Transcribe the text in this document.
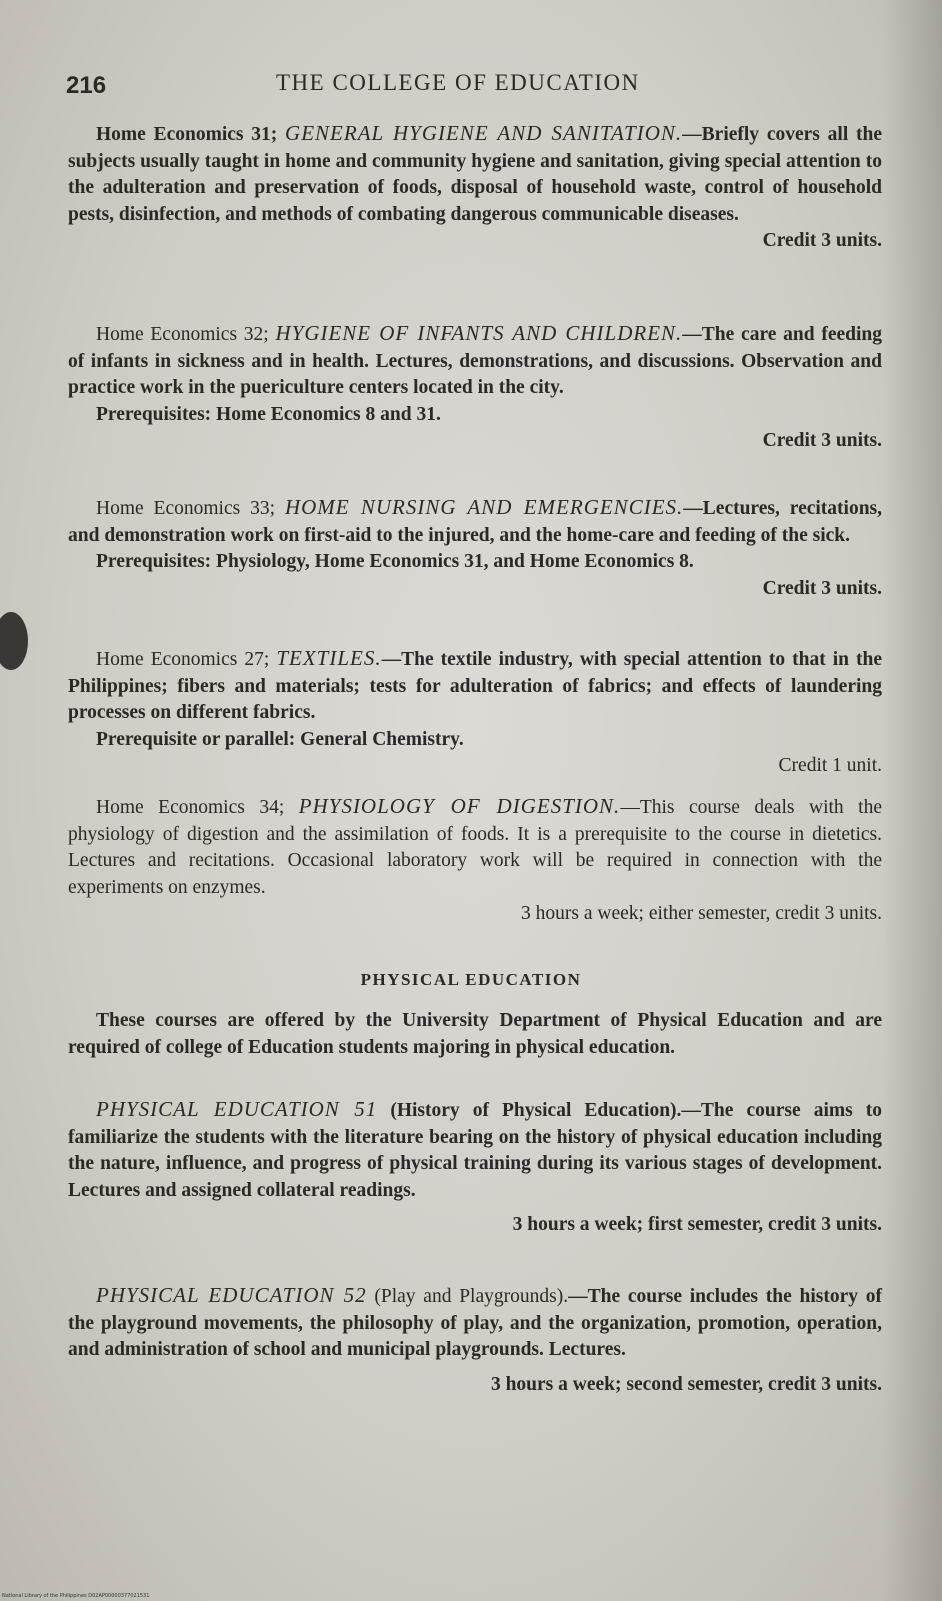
216	THE COLLEGE OF EDUCATION
Home Economics 31; GENERAL HYGIENE AND SANITATION.—Briefly covers all the subjects usually taught in home and community hygiene and sanitation, giving special attention to the adulteration and preservation of foods, disposal of household waste, control of household pests, disinfection, and methods of combating dangerous communicable diseases.
Credit 3 units.
Home Economics 32; HYGIENE OF INFANTS AND CHILDREN.—The care and feeding of infants in sickness and in health. Lectures, demonstrations, and discussions. Observation and practice work in the puericulture centers located in the city.
Prerequisites: Home Economics 8 and 31.
Credit 3 units.
Home Economics 33; HOME NURSING AND EMERGENCIES.—Lectures, recitations, and demonstration work on first-aid to the injured, and the home-care and feeding of the sick.
Prerequisites: Physiology, Home Economics 31, and Home Economics 8.
Credit 3 units.
Home Economics 27; TEXTILES.—The textile industry, with special attention to that in the Philippines; fibers and materials; tests for adulteration of fabrics; and effects of laundering processes on different fabrics.
Prerequisite or parallel: General Chemistry.
Credit 1 unit.
Home Economics 34; PHYSIOLOGY OF DIGESTION.—This course deals with the physiology of digestion and the assimilation of foods. It is a prerequisite to the course in dietetics. Lectures and recitations. Occasional laboratory work will be required in connection with the experiments on enzymes.
3 hours a week; either semester, credit 3 units.
PHYSICAL EDUCATION
These courses are offered by the University Department of Physical Education and are required of college of Education students majoring in physical education.
PHYSICAL EDUCATION 51 (History of Physical Education).—The course aims to familiarize the students with the literature bearing on the history of physical education including the nature, influence, and progress of physical training during its various stages of development. Lectures and assigned collateral readings.
3 hours a week; first semester, credit 3 units.
PHYSICAL EDUCATION 52 (Play and Playgrounds).—The course includes the history of the playground movements, the philosophy of play, and the organization, promotion, operation, and administration of school and municipal playgrounds. Lectures.
3 hours a week; second semester, credit 3 units.
National Library of the Philippines D02AP00000377021531
